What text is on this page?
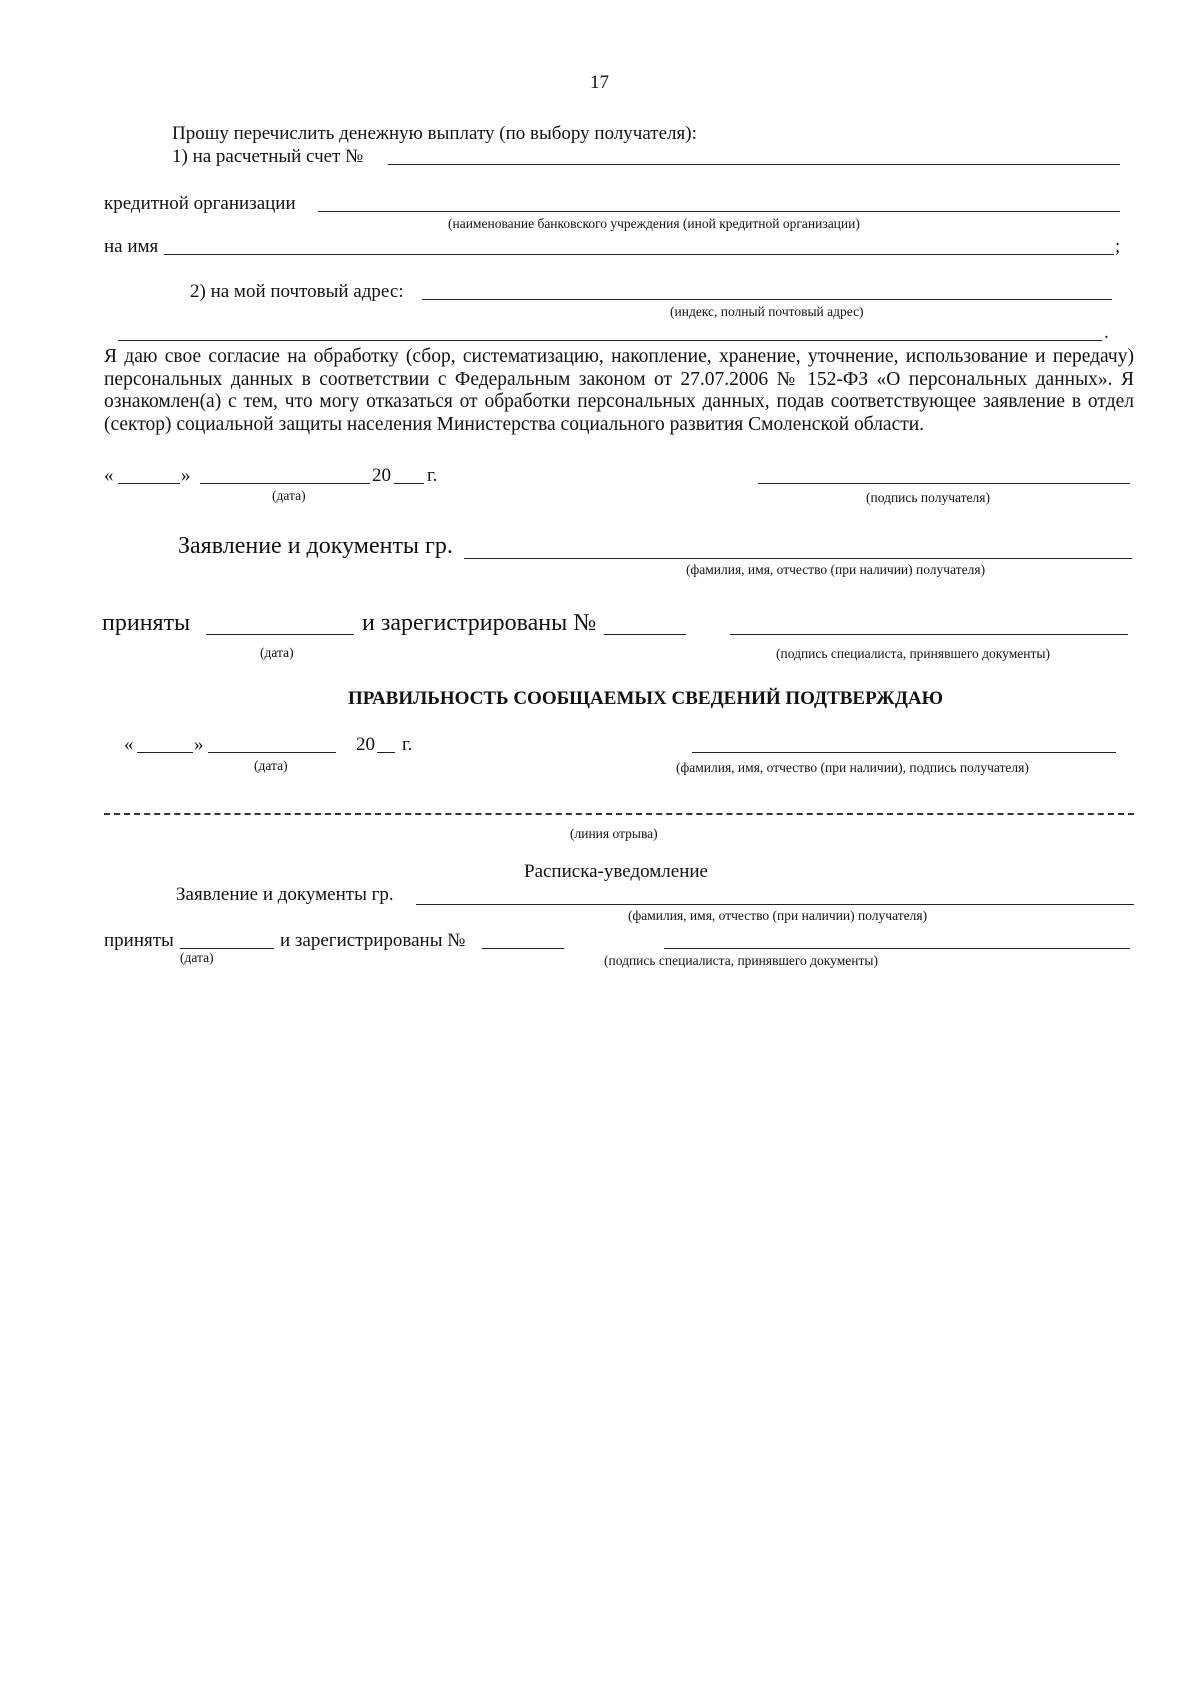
17
Прошу перечислить денежную выплату (по выбору получателя):
1) на расчетный счет №
кредитной организации
(наименование банковского учреждения (иной кредитной организации)
на имя	;
2) на мой почтовый адрес:
(индекс, полный почтовый адрес)
.
Я даю свое согласие на обработку (сбор, систематизацию, накопление, хранение, уточнение, использование и передачу) персональных данных в соответствии с Федеральным законом от 27.07.2006 № 152-ФЗ «О персональных данных». Я ознакомлен(а) с тем, что могу отказаться от обработки персональных данных, подав соответствующее заявление в отдел (сектор) социальной защиты населения Министерства социального развития Смоленской области.
«	»	20 г.
(дата)	(подпись получателя)
Заявление и документы гр.
(фамилия, имя, отчество (при наличии) получателя)
приняты	и зарегистрированы №
(дата)	(подпись специалиста, принявшего документы)
ПРАВИЛЬНОСТЬ СООБЩАЕМЫХ СВЕДЕНИЙ ПОДТВЕРЖДАЮ
«	»	20 г.
(дата)	(фамилия, имя, отчество (при наличии), подпись получателя)
(линия отрыва)
Расписка-уведомление
Заявление и документы гр.
(фамилия, имя, отчество (при наличии) получателя)
приняты	и зарегистрированы №
(дата)	(подпись специалиста, принявшего документы)
